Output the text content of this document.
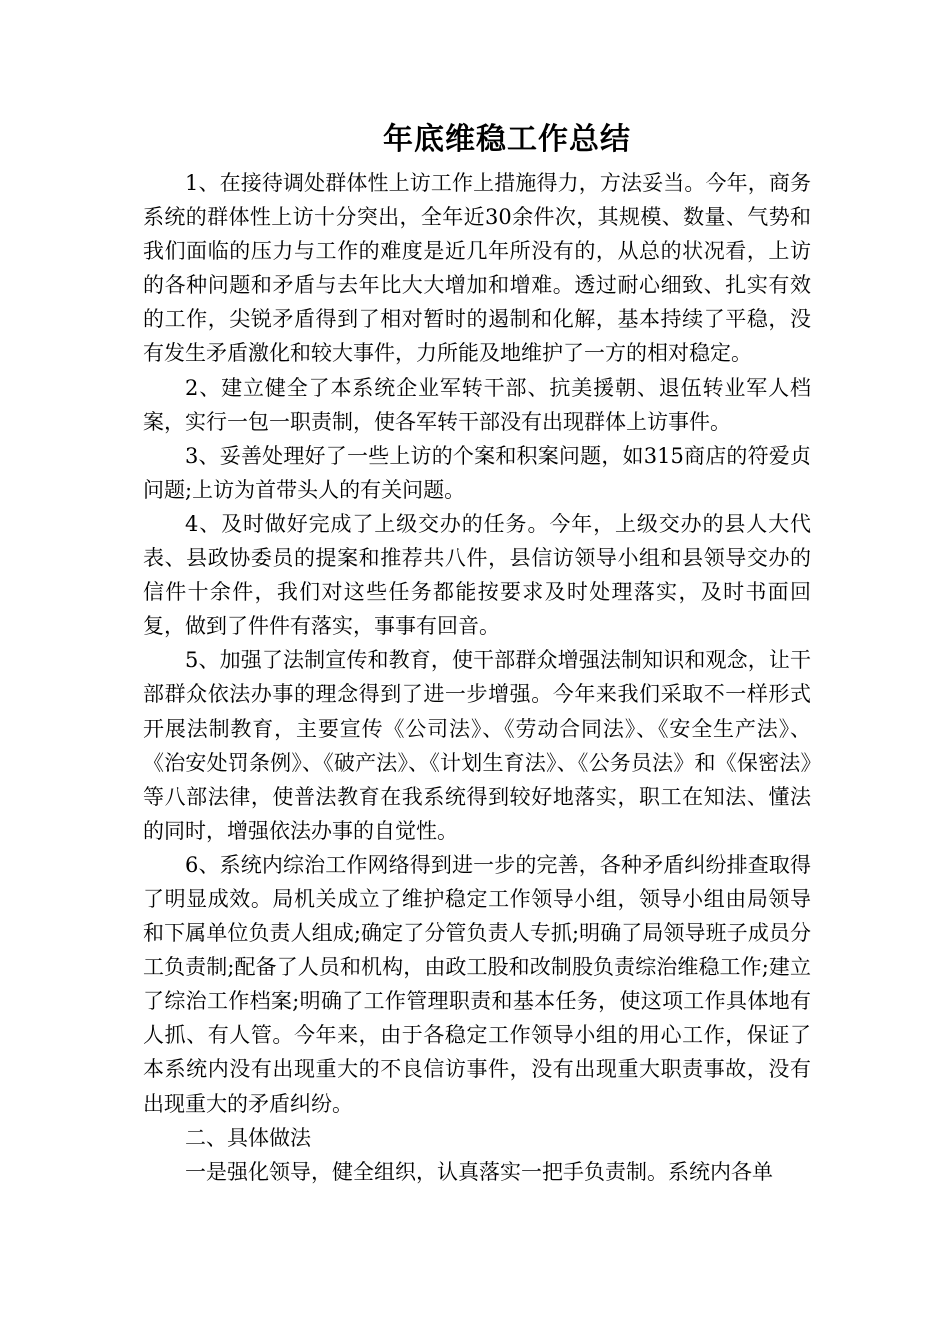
年底维稳工作总结

1、在接待调处群体性上访工作上措施得力，方法妥当。今年，商务系统的群体性上访十分突出，全年近30余件次，其规模、数量、气势和我们面临的压力与工作的难度是近几年所没有的，从总的状况看，上访的各种问题和矛盾与去年比大大增加和增难。透过耐心细致、扎实有效的工作，尖锐矛盾得到了相对暂时的遏制和化解，基本持续了平稳，没有发生矛盾激化和较大事件，力所能及地维护了一方的相对稳定。

2、建立健全了本系统企业军转干部、抗美援朝、退伍转业军人档案，实行一包一职责制，使各军转干部没有出现群体上访事件。

3、妥善处理好了一些上访的个案和积案问题，如315商店的符爱贞问题;上访为首带头人的有关问题。

4、及时做好完成了上级交办的任务。今年，上级交办的县人大代表、县政协委员的提案和推荐共八件，县信访领导小组和县领导交办的信件十余件，我们对这些任务都能按要求及时处理落实，及时书面回复，做到了件件有落实，事事有回音。

5、加强了法制宣传和教育，使干部群众增强法制知识和观念，让干部群众依法办事的理念得到了进一步增强。今年来我们采取不一样形式开展法制教育，主要宣传《公司法》、《劳动合同法》、《安全生产法》、《治安处罚条例》、《破产法》、《计划生育法》、《公务员法》和《保密法》等八部法律，使普法教育在我系统得到较好地落实，职工在知法、懂法的同时，增强依法办事的自觉性。

6、系统内综治工作网络得到进一步的完善，各种矛盾纠纷排查取得了明显成效。局机关成立了维护稳定工作领导小组，领导小组由局领导和下属单位负责人组成;确定了分管负责人专抓;明确了局领导班子成员分工负责制;配备了人员和机构，由政工股和改制股负责综治维稳工作;建立了综治工作档案;明确了工作管理职责和基本任务，使这项工作具体地有人抓、有人管。今年来，由于各稳定工作领导小组的用心工作，保证了本系统内没有出现重大的不良信访事件，没有出现重大职责事故，没有出现重大的矛盾纠纷。

二、具体做法

一是强化领导，健全组织，认真落实一把手负责制。系统内各单
